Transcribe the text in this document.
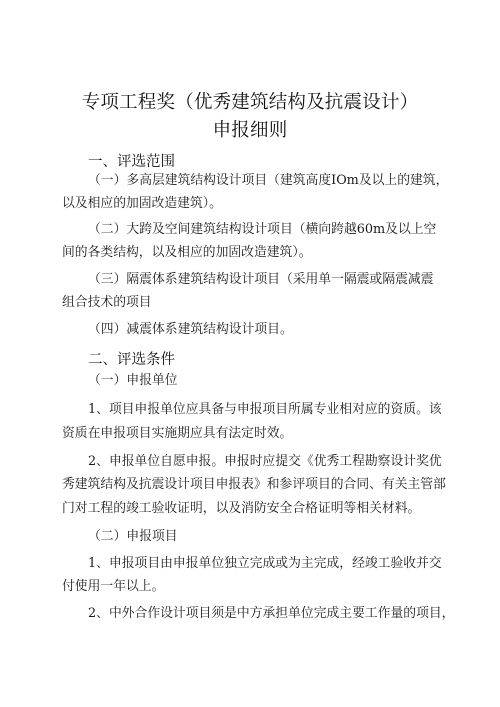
专项工程奖（优秀建筑结构及抗震设计）
申报细则
一、评选范围
（一）多高层建筑结构设计项目（建筑高度IOm及以上的建筑，
以及相应的加固改造建筑）。
（二）大跨及空间建筑结构设计项目（横向跨越60m及以上空
间的各类结构，以及相应的加固改造建筑）。
（三）隔震体系建筑结构设计项目（采用单一隔震或隔震减震
组合技术的项目
（四）减震体系建筑结构设计项目。
二、评选条件
（一）申报单位
1、项目申报单位应具备与申报项目所属专业相对应的资质。该
资质在申报项目实施期应具有法定时效。
2、申报单位自愿申报。申报时应提交《优秀工程勘察设计奖优
秀建筑结构及抗震设计项目申报表》和参评项目的合同、有关主管部
门对工程的竣工验收证明，以及消防安全合格证明等相关材料。
（二）申报项目
1、申报项目由申报单位独立完成或为主完成，经竣工验收并交
付使用一年以上。
2、中外合作设计项目须是中方承担单位完成主要工作量的项目，
